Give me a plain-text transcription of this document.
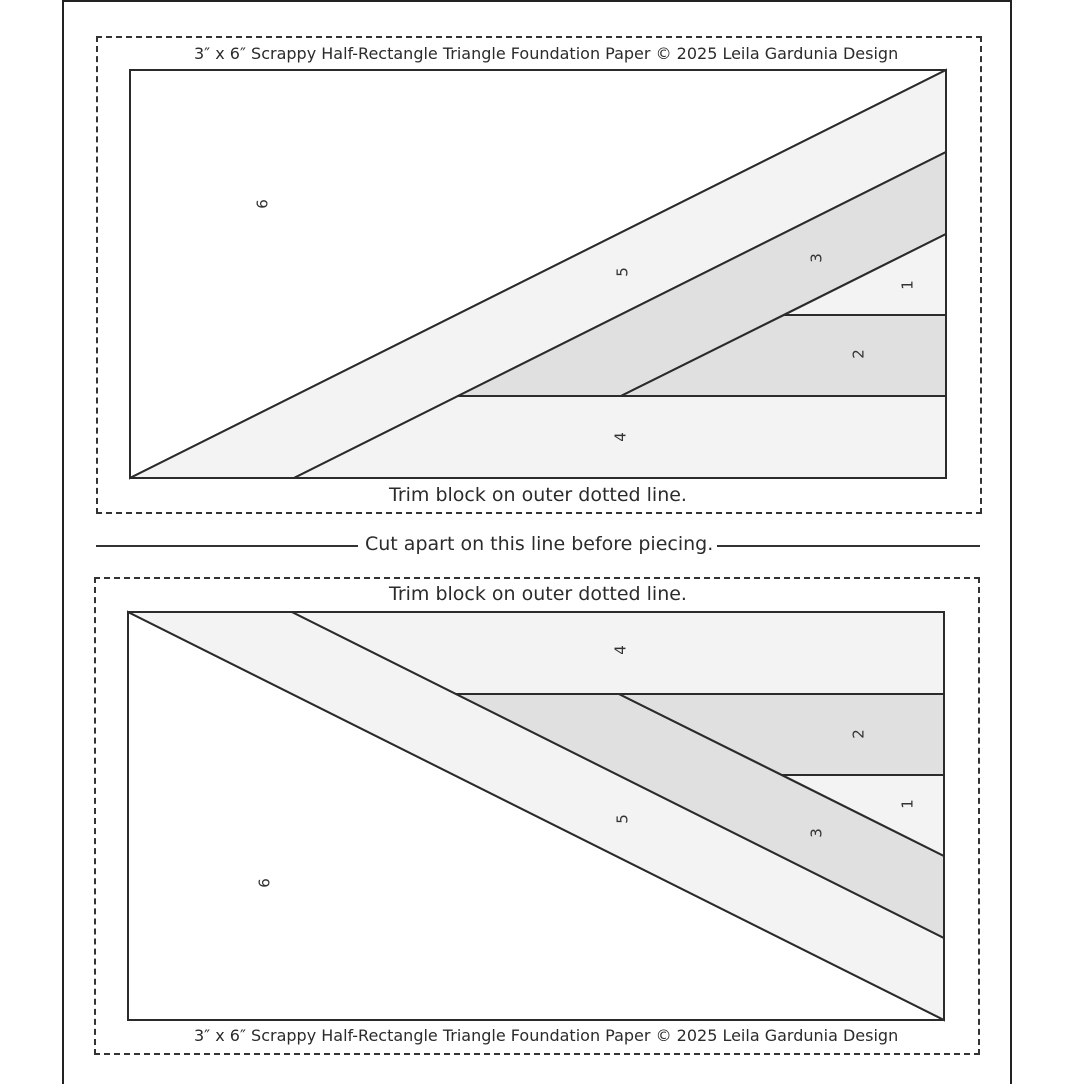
3″ x 6″ Scrappy Half-Rectangle Triangle Foundation Paper © 2025 Leila Gardunia Design
Trim block on outer dotted line.
Cut apart on this line before piecing.
Trim block on outer dotted line.
3″ x 6″ Scrappy Half-Rectangle Triangle Foundation Paper © 2025 Leila Gardunia Design
6
5
3
1
2
4
4
2
1
5
3
6
